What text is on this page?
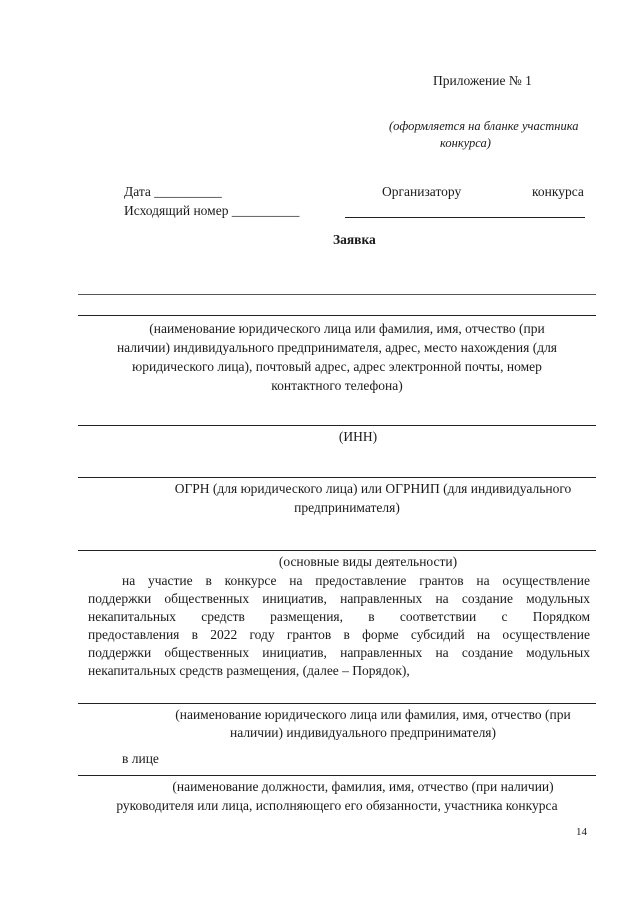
Приложение № 1
(оформляется на бланке участника
конкурса)
Дата __________
Исходящий номер __________
Организатору	конкурса
Заявка
(наименование юридического лица или фамилия, имя, отчество (при
наличии) индивидуального предпринимателя, адрес, место нахождения (для
юридического лица), почтовый адрес, адрес электронной почты, номер
контактного телефона)
(ИНН)
ОГРН (для юридического лица) или ОГРНИП (для индивидуального
предпринимателя)
(основные виды деятельности)
на участие в конкурсе на предоставление грантов на осуществление
поддержки общественных инициатив, направленных на создание модульных
некапитальных средств размещения, в соответствии с Порядком
предоставления в 2022 году грантов в форме субсидий на осуществление
поддержки общественных инициатив, направленных на создание модульных
некапитальных средств размещения, (далее – Порядок),
(наименование юридического лица или фамилия, имя, отчество (при
наличии) индивидуального предпринимателя)
в лице
(наименование должности, фамилия, имя, отчество (при наличии)
руководителя или лица, исполняющего его обязанности, участника конкурса
14
